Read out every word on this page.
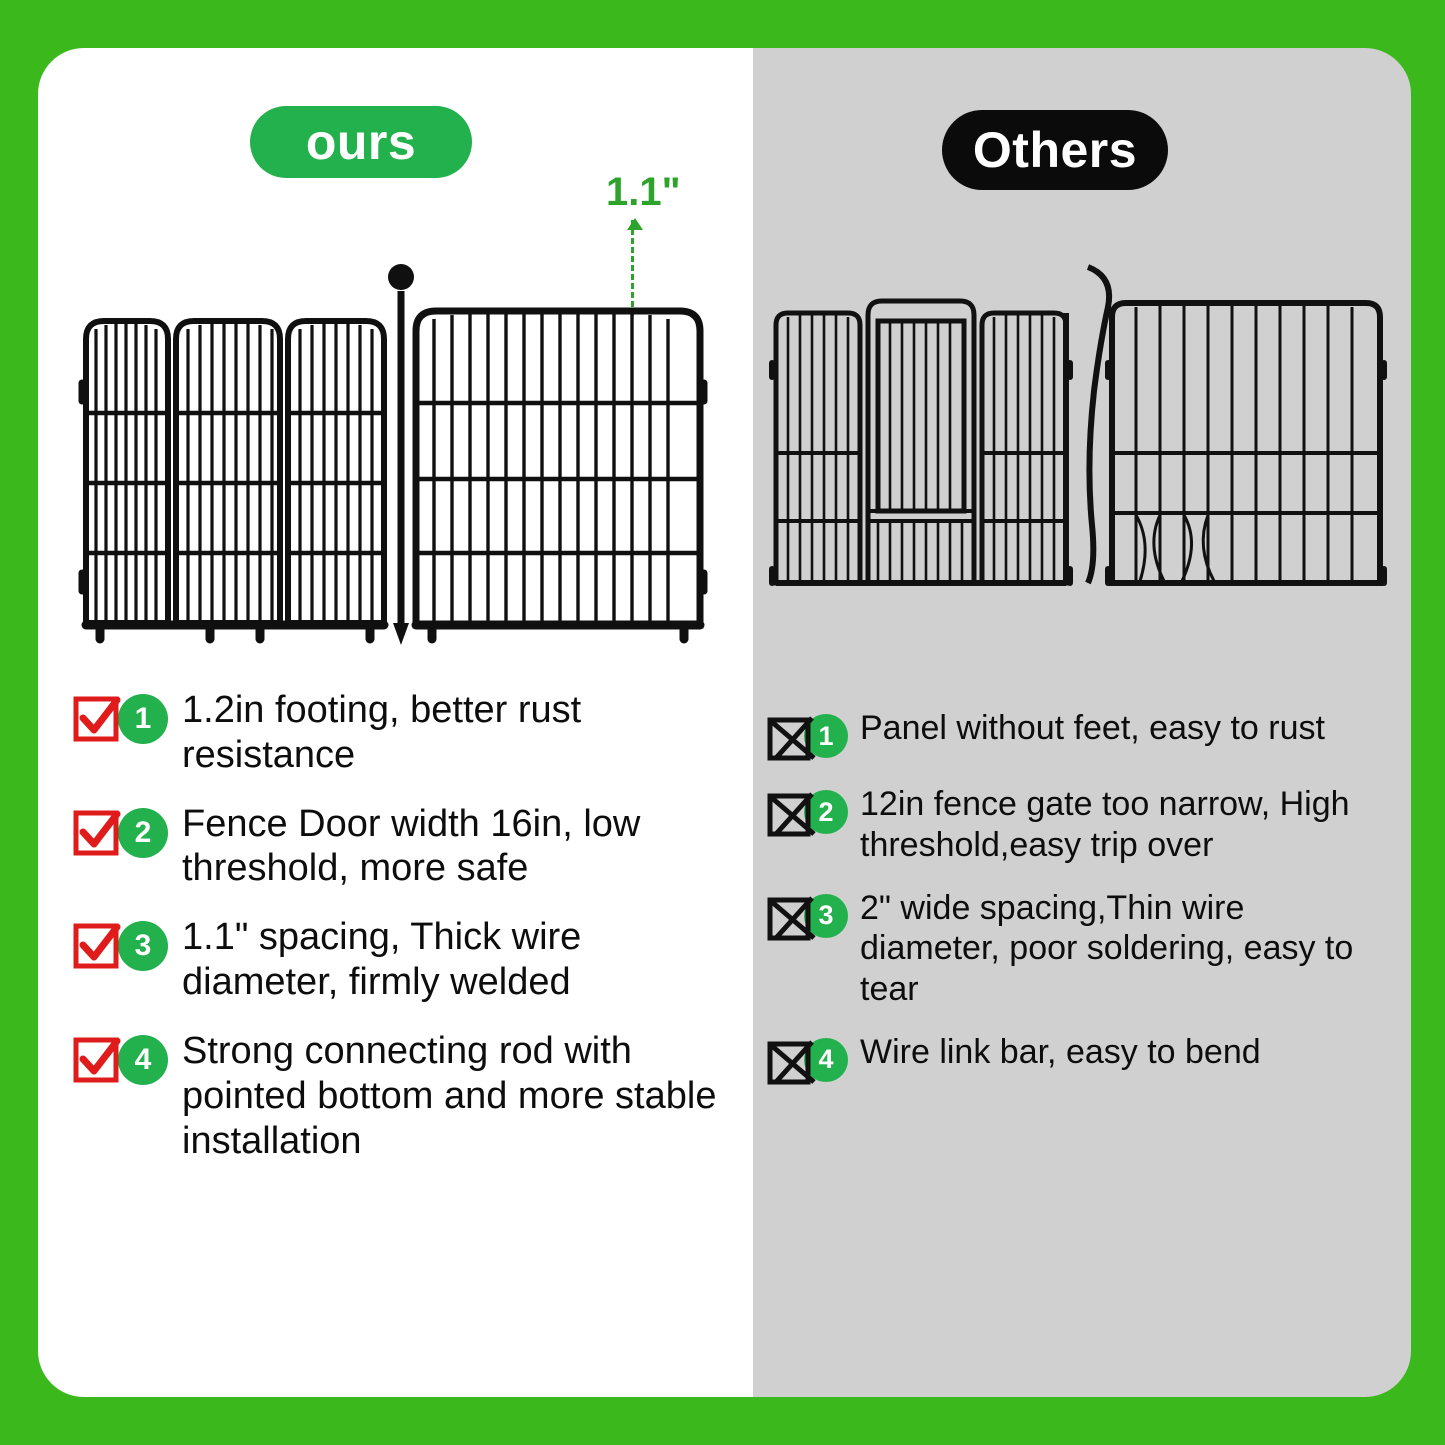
Others
1 Panel without feet, easy to rust
2 12in fence gate too narrow, High threshold,easy trip over
3 2" wide spacing,Thin wire diameter, poor soldering, easy to tear
4 Wire link bar, easy to bend
ours
1.1"
1 1.2in footing, better rust resistance
2 Fence Door width 16in, low threshold, more safe
3 1.1" spacing, Thick wire diameter, firmly welded
4 Strong connecting rod with pointed bottom and more stable installation
